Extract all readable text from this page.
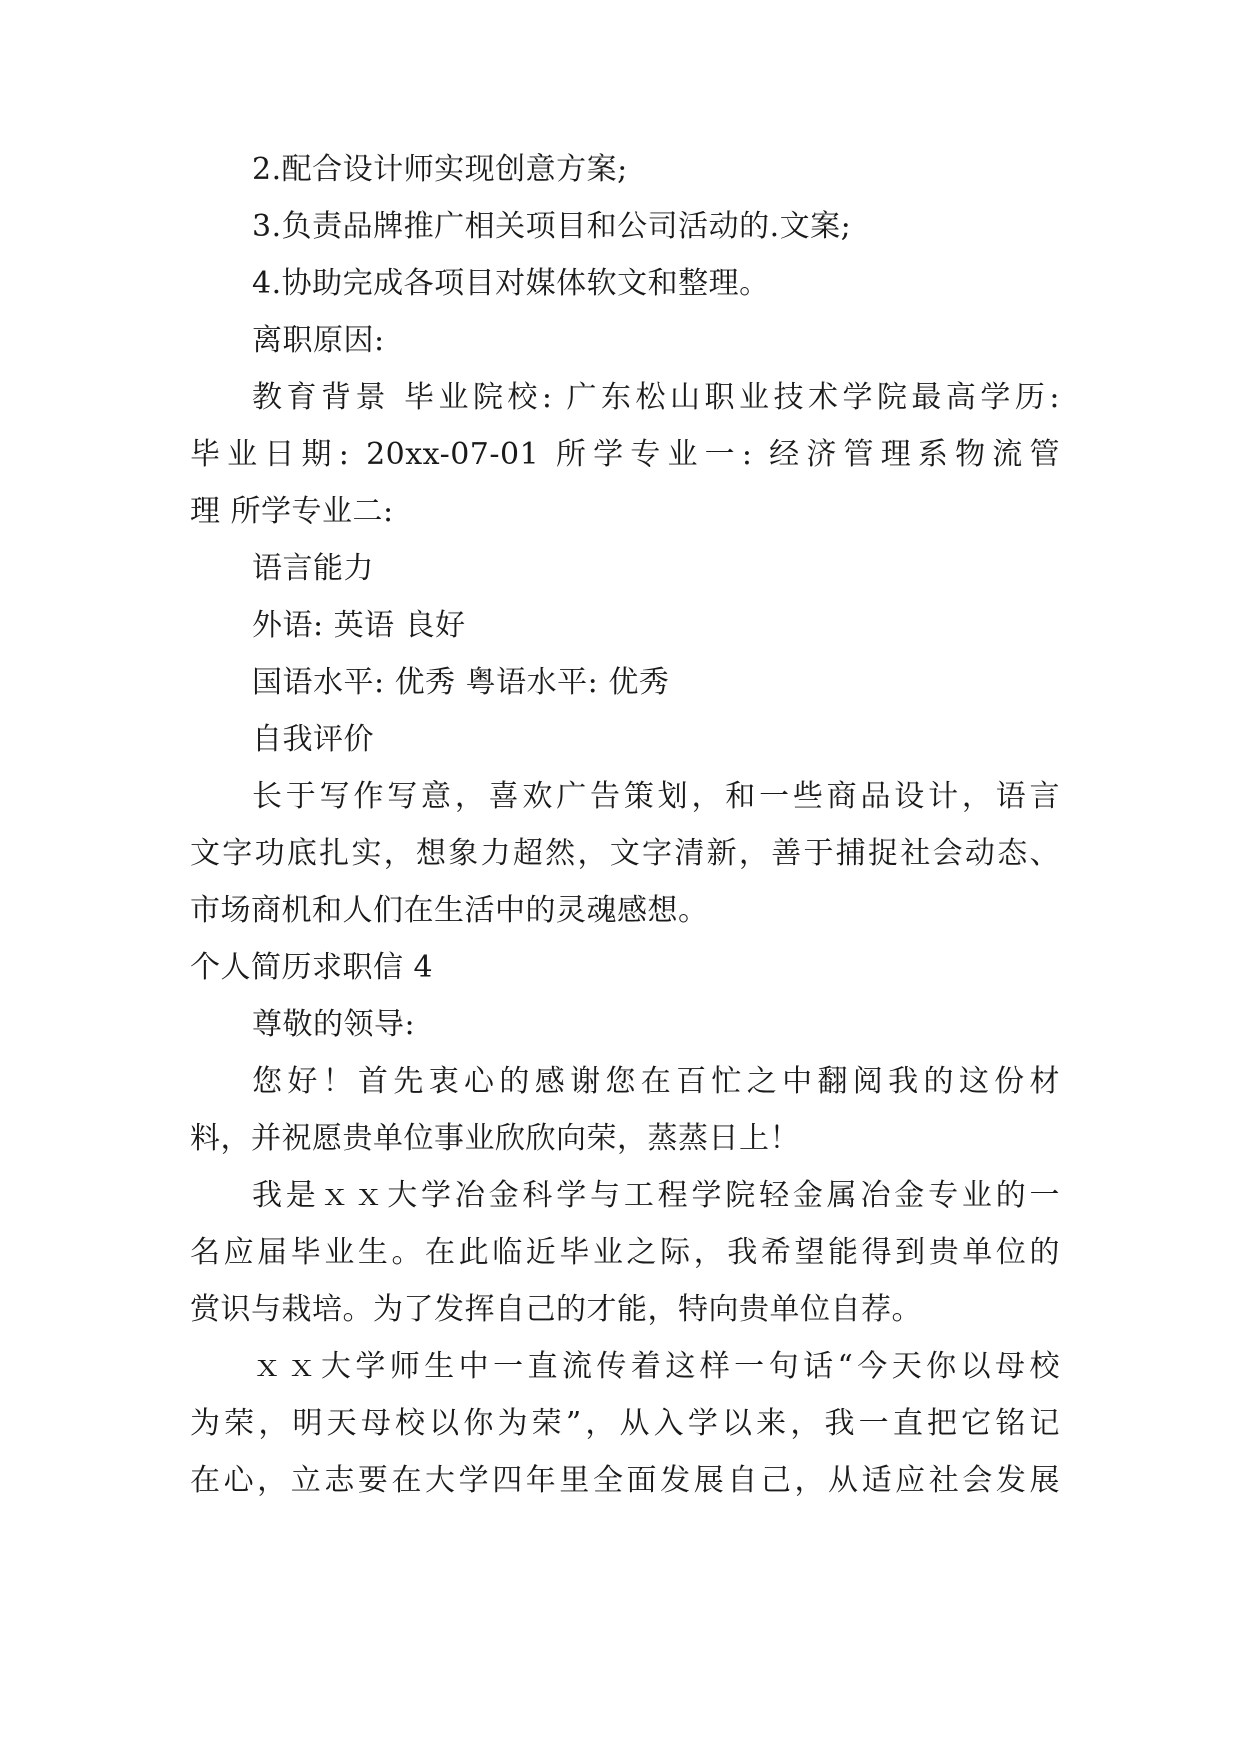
2.配合设计师实现创意方案;

3.负责品牌推广相关项目和公司活动的.文案;

4.协助完成各项目对媒体软文和整理。

离职原因:

教育背景 毕业院校: 广东松山职业技术学院最高学历:

毕业日期: 20xx-07-01 所学专业一: 经济管理系物流管

理 所学专业二:

语言能力

外语: 英语 良好

国语水平: 优秀 粤语水平: 优秀

自我评价

长于写作写意，喜欢广告策划，和一些商品设计，语言

文字功底扎实，想象力超然，文字清新，善于捕捉社会动态、

市场商机和人们在生活中的灵魂感想。

个人简历求职信 4

尊敬的领导:

您好！首先衷心的感谢您在百忙之中翻阅我的这份材

料，并祝愿贵单位事业欣欣向荣，蒸蒸日上！

我是ｘｘ大学冶金科学与工程学院轻金属冶金专业的一

名应届毕业生。在此临近毕业之际，我希望能得到贵单位的

赏识与栽培。为了发挥自己的才能，特向贵单位自荐。

ｘｘ大学师生中一直流传着这样一句话“今天你以母校

为荣，明天母校以你为荣”，从入学以来，我一直把它铭记

在心，立志要在大学四年里全面发展自己，从适应社会发展
